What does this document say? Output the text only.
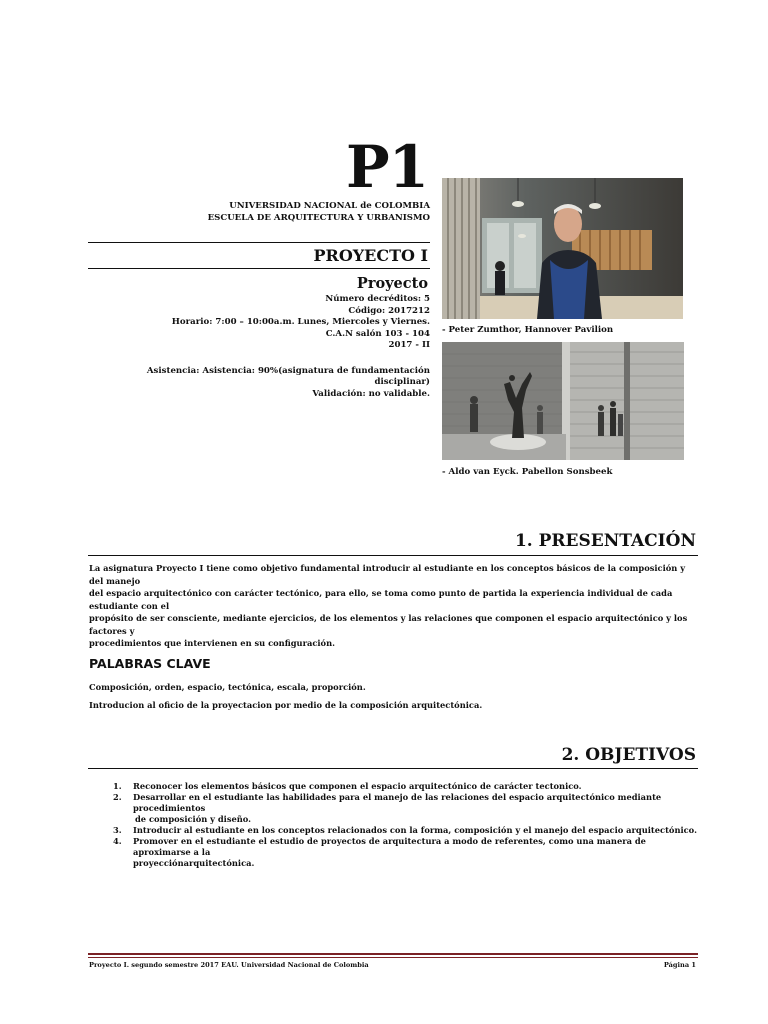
P1
UNIVERSIDAD NACIONAL de COLOMBIA
ESCUELA DE ARQUITECTURA Y URBANISMO
PROYECTO I
Proyecto
Número decréditos: 5
Código: 2017212
Horario: 7:00 – 10:00a.m. Lunes, Miercoles y Viernes.
C.A.N salón 103 - 104
2017 - II
Asistencia: Asistencia: 90%(asignatura de fundamentación disciplinar)
Validación: no validable.
- Peter Zumthor, Hannover Pavilion
- Aldo van Eyck. Pabellon Sonsbeek
1. PRESENTACIÓN
La asignatura Proyecto I tiene como objetivo fundamental introducir al estudiante en los conceptos básicos de la composición y del manejo
del espacio arquitectónico con carácter tectónico, para ello, se toma como punto de partida la experiencia individual de cada estudiante con el
propósito de ser consciente, mediante ejercicios, de los elementos y las relaciones que componen el espacio arquitectónico y los factores y
procedimientos que intervienen en su configuración.
PALABRAS CLAVE
Composición, orden, espacio, tectónica, escala, proporción.
Introducion al oficio de la proyectacion por medio de la composición arquitectónica.
2. OBJETIVOS
1. Reconocer los elementos básicos que componen el espacio arquitectónico de carácter tectonico.
2. Desarrollar en el estudiante las habilidades para el manejo de las relaciones del espacio arquitectónico mediante procedimientos
de composición y diseño.
3. Introducir al estudiante en los conceptos relacionados con la forma, composición y el manejo del espacio arquitectónico.
4. Promover en el estudiante el estudio de proyectos de arquitectura a modo de referentes, como una manera de aproximarse a la
proyecciónarquitectónica.
Proyecto I. segundo semestre 2017 EAU. Universidad Nacional de Colombia	Página 1
